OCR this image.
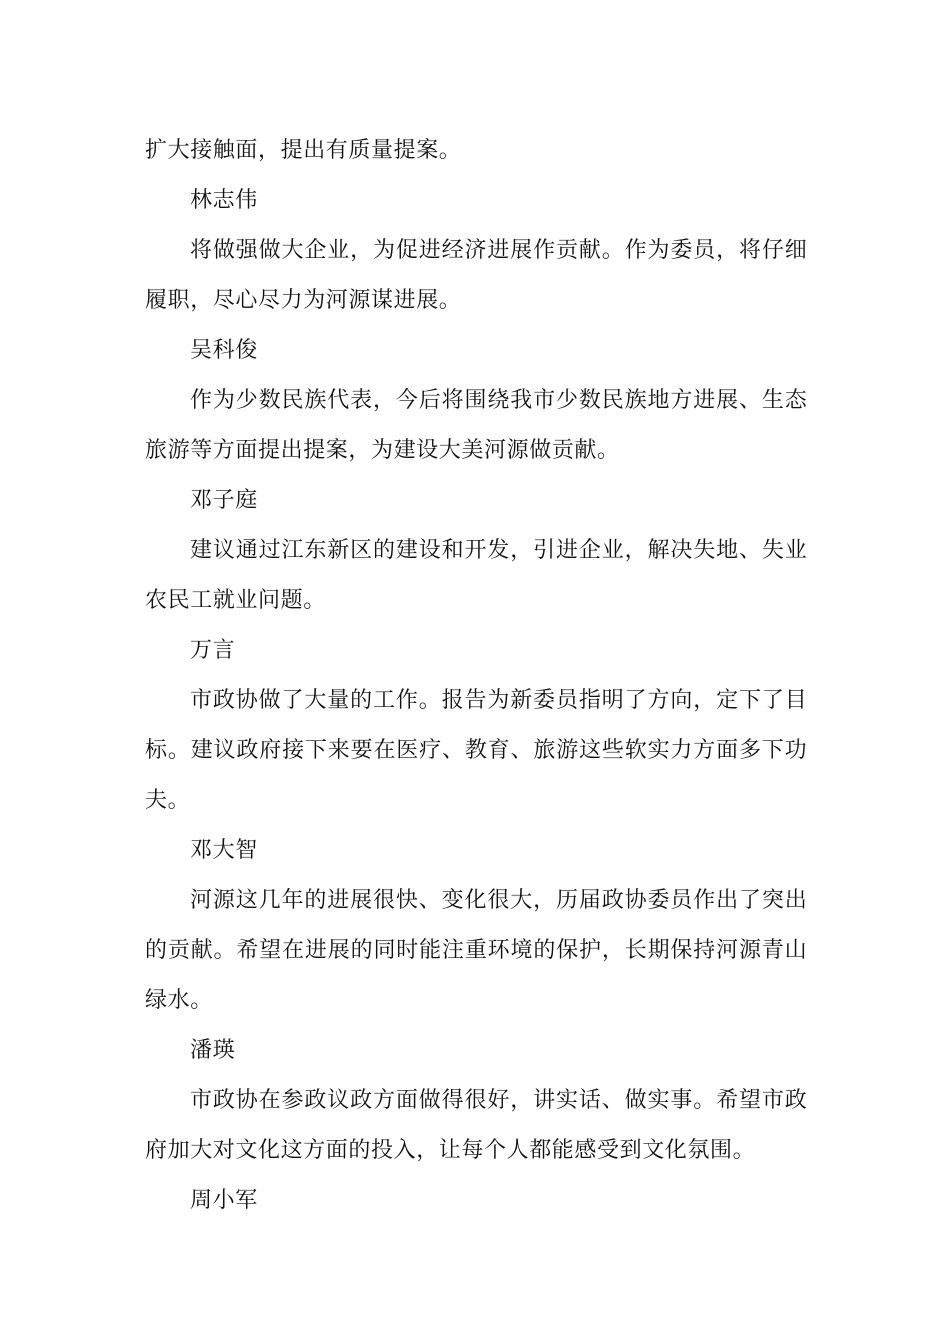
扩大接触面，提出有质量提案。
林志伟
将 做 强 做 大 企 业 ， 为 促 进 经 济 进 展 作 贡 献 。 作 为 委 员 ， 将 仔 细
履职，尽心尽力为河源谋进展。
吴科俊
作 为 少 数 民 族 代 表 ， 今 后 将 围 绕 我 市 少 数 民 族 地 方 进 展 、 生 态
旅游等方面提出提案，为建设大美河源做贡献。
邓子庭
建 议 通 过 江 东 新 区 的 建 设 和 开 发 ， 引 进 企 业 ， 解 决 失 地 、 失 业
农民工就业问题。
万言
市 政 协 做 了 大 量 的 工 作 。 报 告 为 新 委 员 指 明 了 方 向 ， 定 下 了 目
标 。 建 议 政 府 接 下 来 要 在 医 疗 、 教 育 、 旅 游 这 些 软 实 力 方 面 多 下 功
夫。
邓大智
河 源 这 几 年 的 进 展 很 快 、 变 化 很 大 ， 历 届 政 协 委 员 作 出 了 突 出
的 贡 献 。 希 望 在 进 展 的 同 时 能 注 重 环 境 的 保 护 ， 长 期 保 持 河 源 青 山
绿水。
潘瑛
市 政 协 在 参 政 议 政 方 面 做 得 很 好 ， 讲 实 话 、 做 实 事 。 希 望 市 政
府加大对文化这方面的投入，让每个人都能感受到文化氛围。
周小军
